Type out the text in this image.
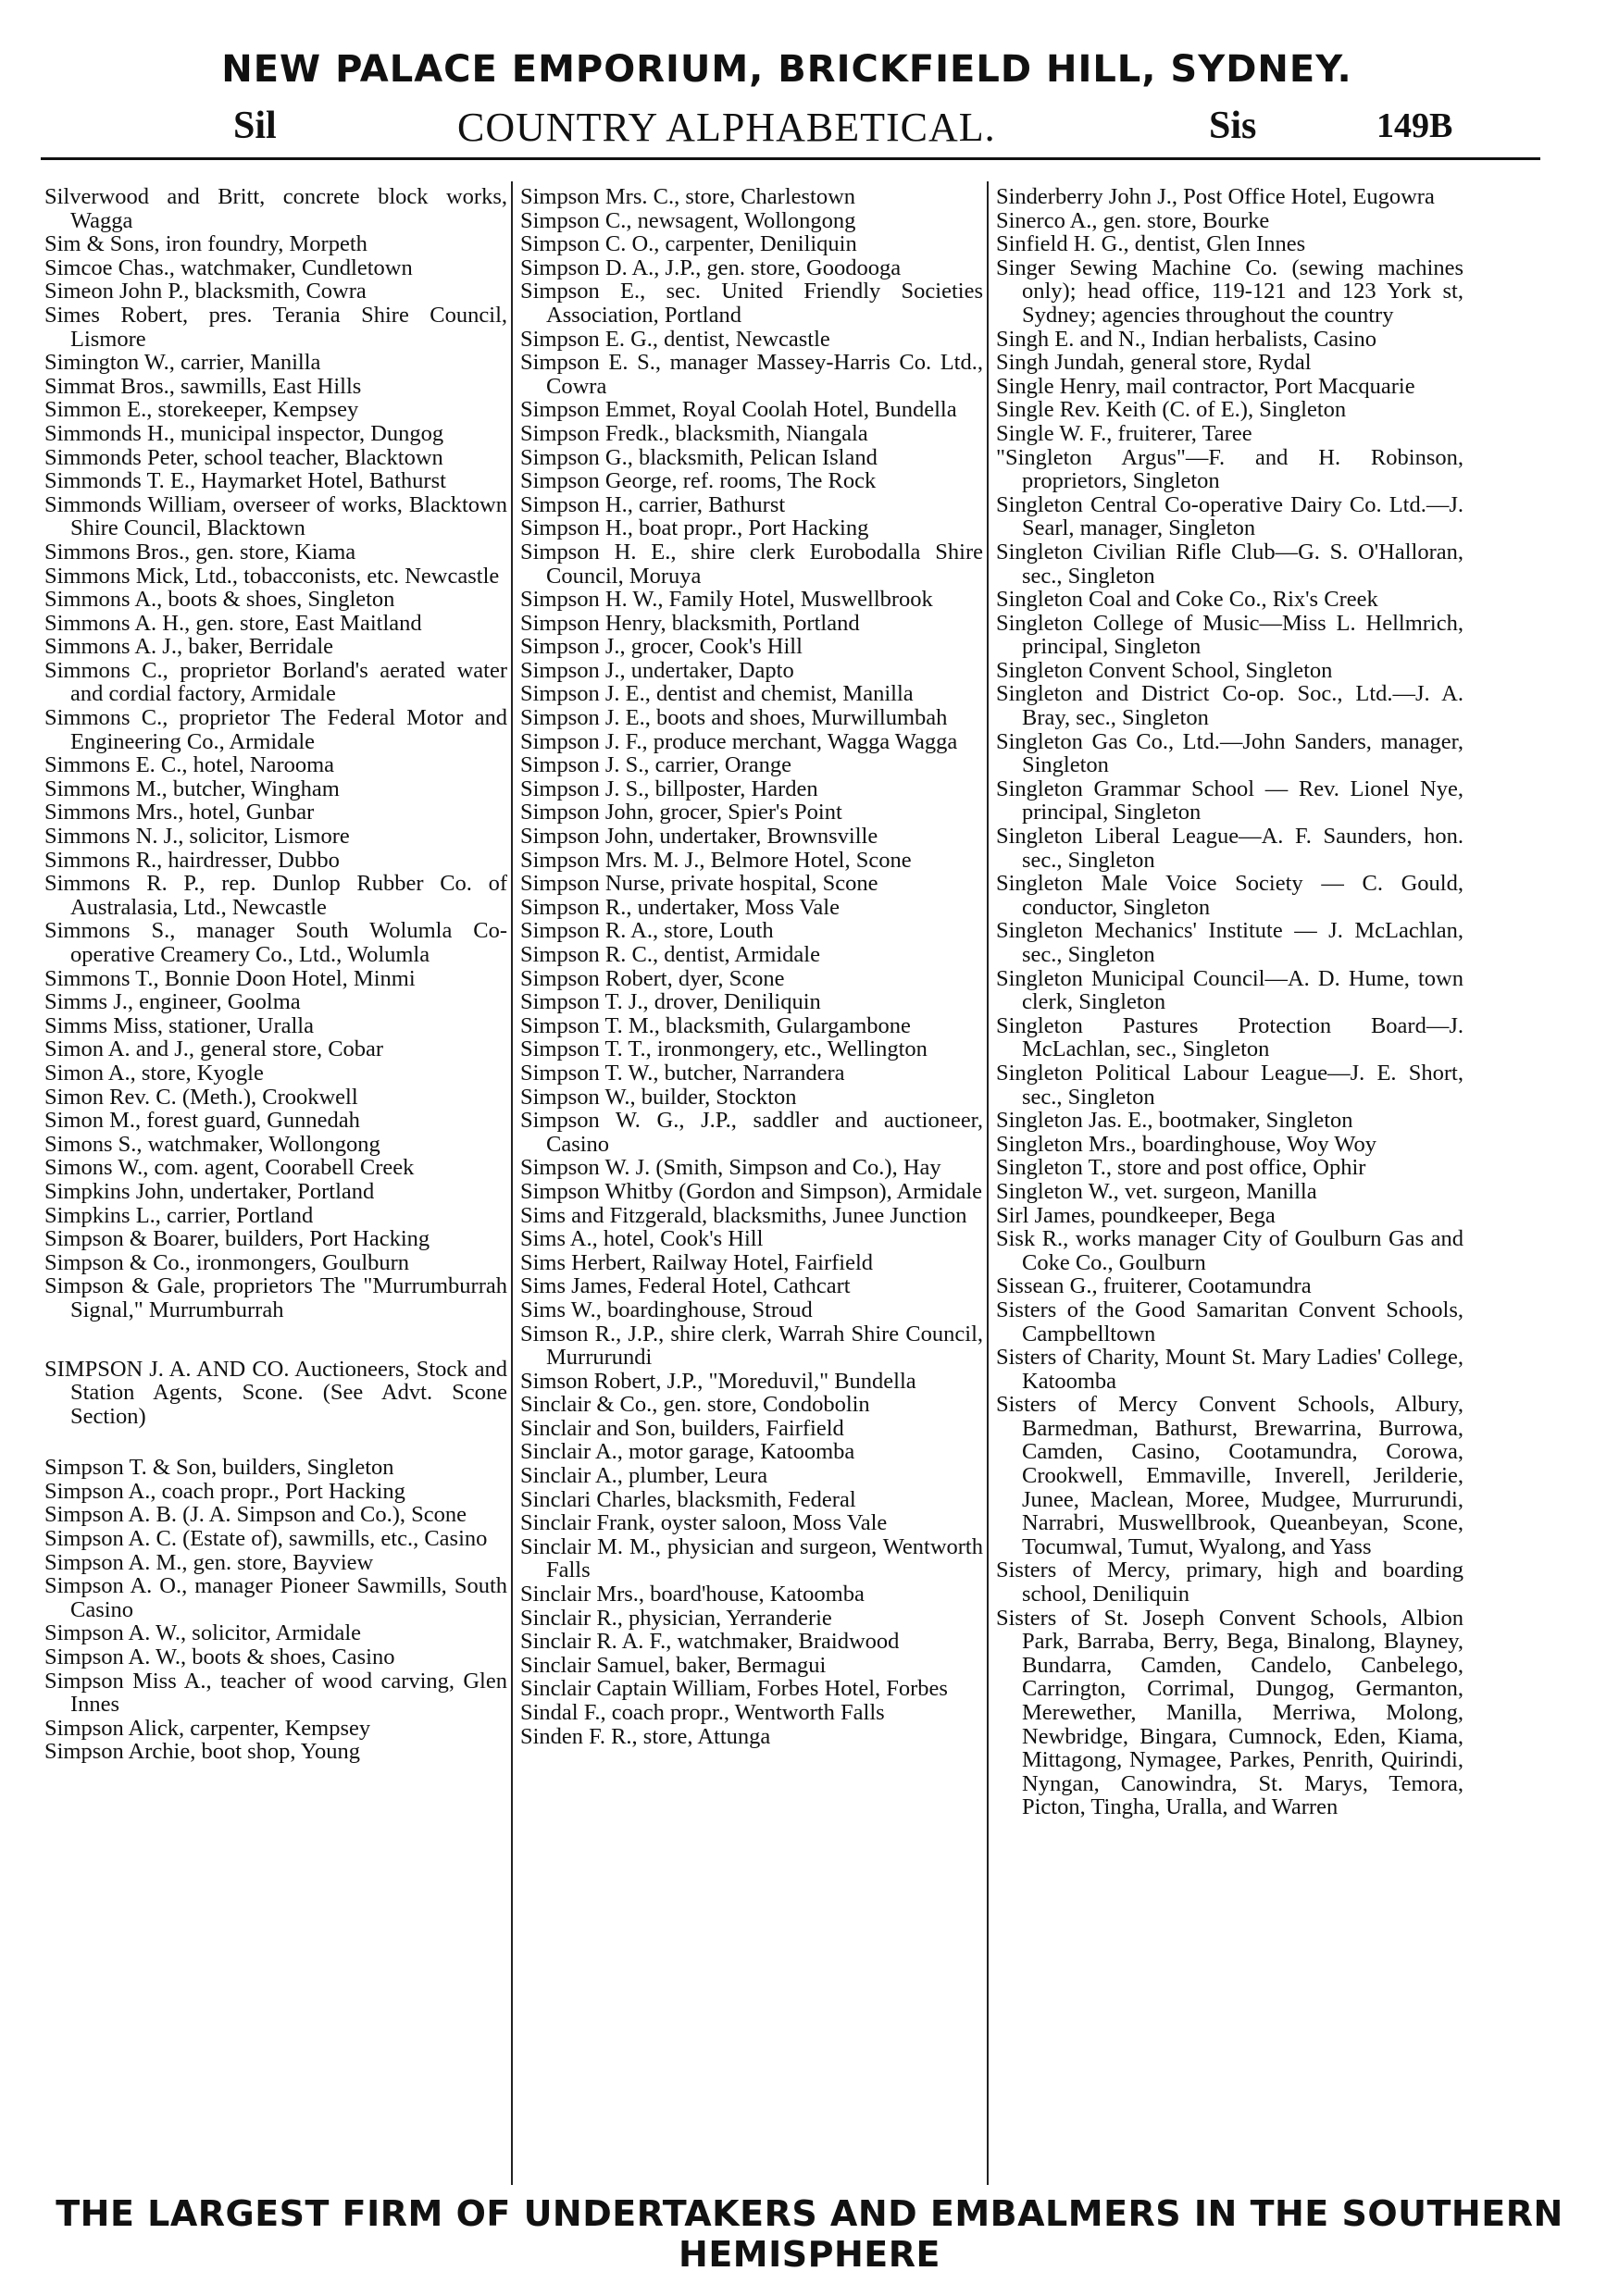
NEW PALACE EMPORIUM, BRICKFIELD HILL, SYDNEY.
Sil	COUNTRY ALPHABETICAL.	Sis	149B

Silverwood and Britt, concrete block works, Wagga

Sim & Sons, iron foundry, Morpeth

Simcoe Chas., watchmaker, Cundletown

Simeon John P., blacksmith, Cowra

Simes Robert, pres. Terania Shire Council, Lismore

Simington W., carrier, Manilla

Simmat Bros., sawmills, East Hills

Simmon E., storekeeper, Kempsey

Simmonds H., municipal inspector, Dungog

Simmonds Peter, school teacher, Blacktown

Simmonds T. E., Haymarket Hotel, Bathurst

Simmonds William, overseer of works, Blacktown Shire Council, Blacktown

Simmons Bros., gen. store, Kiama

Simmons Mick, Ltd., tobacconists, etc. Newcastle

Simmons A., boots & shoes, Singleton

Simmons A. H., gen. store, East Maitland

Simmons A. J., baker, Berridale

Simmons C., proprietor Borland's aerated water and cordial factory, Armidale

Simmons C., proprietor The Federal Motor and Engineering Co., Armidale

Simmons E. C., hotel, Narooma

Simmons M., butcher, Wingham

Simmons Mrs., hotel, Gunbar

Simmons N. J., solicitor, Lismore

Simmons R., hairdresser, Dubbo

Simmons R. P., rep. Dunlop Rubber Co. of Australasia, Ltd., Newcastle

Simmons S., manager South Wolumla Co-operative Creamery Co., Ltd., Wolumla

Simmons T., Bonnie Doon Hotel, Minmi

Simms J., engineer, Goolma

Simms Miss, stationer, Uralla

Simon A. and J., general store, Cobar

Simon A., store, Kyogle

Simon Rev. C. (Meth.), Crookwell

Simon M., forest guard, Gunnedah

Simons S., watchmaker, Wollongong

Simons W., com. agent, Coorabell Creek

Simpkins John, undertaker, Portland

Simpkins L., carrier, Portland

Simpson & Boarer, builders, Port Hacking

Simpson & Co., ironmongers, Goulburn

Simpson & Gale, proprietors The "Murrumburrah Signal," Murrumburrah

SIMPSON J. A. AND CO. Auctioneers, Stock and Station Agents, Scone. (See Advt. Scone Section)

Simpson T. & Son, builders, Singleton

Simpson A., coach propr., Port Hacking

Simpson A. B. (J. A. Simpson and Co.), Scone

Simpson A. C. (Estate of), sawmills, etc., Casino

Simpson A. M., gen. store, Bayview

Simpson A. O., manager Pioneer Sawmills, South Casino

Simpson A. W., solicitor, Armidale

Simpson A. W., boots & shoes, Casino

Simpson Miss A., teacher of wood carving, Glen Innes

Simpson Alick, carpenter, Kempsey

Simpson Archie, boot shop, Young

Simpson Mrs. C., store, Charlestown

Simpson C., newsagent, Wollongong

Simpson C. O., carpenter, Deniliquin

Simpson D. A., J.P., gen. store, Goodooga

Simpson E., sec. United Friendly Societies Association, Portland

Simpson E. G., dentist, Newcastle

Simpson E. S., manager Massey-Harris Co. Ltd., Cowra

Simpson Emmet, Royal Coolah Hotel, Bundella

Simpson Fredk., blacksmith, Niangala

Simpson G., blacksmith, Pelican Island

Simpson George, ref. rooms, The Rock

Simpson H., carrier, Bathurst

Simpson H., boat propr., Port Hacking

Simpson H. E., shire clerk Eurobodalla Shire Council, Moruya

Simpson H. W., Family Hotel, Muswellbrook

Simpson Henry, blacksmith, Portland

Simpson J., grocer, Cook's Hill

Simpson J., undertaker, Dapto

Simpson J. E., dentist and chemist, Manilla

Simpson J. E., boots and shoes, Murwillumbah

Simpson J. F., produce merchant, Wagga Wagga

Simpson J. S., carrier, Orange

Simpson J. S., billposter, Harden

Simpson John, grocer, Spier's Point

Simpson John, undertaker, Brownsville

Simpson Mrs. M. J., Belmore Hotel, Scone

Simpson Nurse, private hospital, Scone

Simpson R., undertaker, Moss Vale

Simpson R. A., store, Louth

Simpson R. C., dentist, Armidale

Simpson Robert, dyer, Scone

Simpson T. J., drover, Deniliquin

Simpson T. M., blacksmith, Gulargambone

Simpson T. T., ironmongery, etc., Wellington

Simpson T. W., butcher, Narrandera

Simpson W., builder, Stockton

Simpson W. G., J.P., saddler and auctioneer, Casino

Simpson W. J. (Smith, Simpson and Co.), Hay

Simpson Whitby (Gordon and Simpson), Armidale

Sims and Fitzgerald, blacksmiths, Junee Junction

Sims A., hotel, Cook's Hill

Sims Herbert, Railway Hotel, Fairfield

Sims James, Federal Hotel, Cathcart

Sims W., boardinghouse, Stroud

Simson R., J.P., shire clerk, Warrah Shire Council, Murrurundi

Simson Robert, J.P., "Moreduvil," Bundella

Sinclair & Co., gen. store, Condobolin

Sinclair and Son, builders, Fairfield

Sinclair A., motor garage, Katoomba

Sinclair A., plumber, Leura

Sinclari Charles, blacksmith, Federal

Sinclair Frank, oyster saloon, Moss Vale

Sinclair M. M., physician and surgeon, Wentworth Falls

Sinclair Mrs., board'house, Katoomba

Sinclair R., physician, Yerranderie

Sinclair R. A. F., watchmaker, Braidwood

Sinclair Samuel, baker, Bermagui

Sinclair Captain William, Forbes Hotel, Forbes

Sindal F., coach propr., Wentworth Falls

Sinden F. R., store, Attunga

Sinderberry John J., Post Office Hotel, Eugowra

Sinerco A., gen. store, Bourke

Sinfield H. G., dentist, Glen Innes

Singer Sewing Machine Co. (sewing machines only); head office, 119-121 and 123 York st, Sydney; agencies throughout the country

Singh E. and N., Indian herbalists, Casino

Singh Jundah, general store, Rydal

Single Henry, mail contractor, Port Macquarie

Single Rev. Keith (C. of E.), Singleton

Single W. F., fruiterer, Taree

"Singleton Argus"—F. and H. Robinson, proprietors, Singleton

Singleton Central Co-operative Dairy Co. Ltd.—J. Searl, manager, Singleton

Singleton Civilian Rifle Club—G. S. O'Halloran, sec., Singleton

Singleton Coal and Coke Co., Rix's Creek

Singleton College of Music—Miss L. Hellmrich, principal, Singleton

Singleton Convent School, Singleton

Singleton and District Co-op. Soc., Ltd.—J. A. Bray, sec., Singleton

Singleton Gas Co., Ltd.—John Sanders, manager, Singleton

Singleton Grammar School — Rev. Lionel Nye, principal, Singleton

Singleton Liberal League—A. F. Saunders, hon. sec., Singleton

Singleton Male Voice Society — C. Gould, conductor, Singleton

Singleton Mechanics' Institute — J. McLachlan, sec., Singleton

Singleton Municipal Council—A. D. Hume, town clerk, Singleton

Singleton Pastures Protection Board—J. McLachlan, sec., Singleton

Singleton Political Labour League—J. E. Short, sec., Singleton

Singleton Jas. E., bootmaker, Singleton

Singleton Mrs., boardinghouse, Woy Woy

Singleton T., store and post office, Ophir

Singleton W., vet. surgeon, Manilla

Sirl James, poundkeeper, Bega

Sisk R., works manager City of Goulburn Gas and Coke Co., Goulburn

Sissean G., fruiterer, Cootamundra

Sisters of the Good Samaritan Convent Schools, Campbelltown

Sisters of Charity, Mount St. Mary Ladies' College, Katoomba

Sisters of Mercy Convent Schools, Albury, Barmedman, Bathurst, Brewarrina, Burrowa, Camden, Casino, Cootamundra, Corowa, Crookwell, Emmaville, Inverell, Jerilderie, Junee, Maclean, Moree, Mudgee, Murrurundi, Narrabri, Muswellbrook, Queanbeyan, Scone, Tocumwal, Tumut, Wyalong, and Yass

Sisters of Mercy, primary, high and boarding school, Deniliquin

Sisters of St. Joseph Convent Schools, Albion Park, Barraba, Berry, Bega, Binalong, Blayney, Bundarra, Camden, Candelo, Canbelego, Carrington, Corrimal, Dungog, Germanton, Merewether, Manilla, Merriwa, Molong, Newbridge, Bingara, Cumnock, Eden, Kiama, Mittagong, Nymagee, Parkes, Penrith, Quirindi, Nyngan, Canowindra, St. Marys, Temora, Picton, Tingha, Uralla, and Warren

THE LARGEST FIRM OF UNDERTAKERS AND EMBALMERS IN THE SOUTHERN HEMISPHERE
